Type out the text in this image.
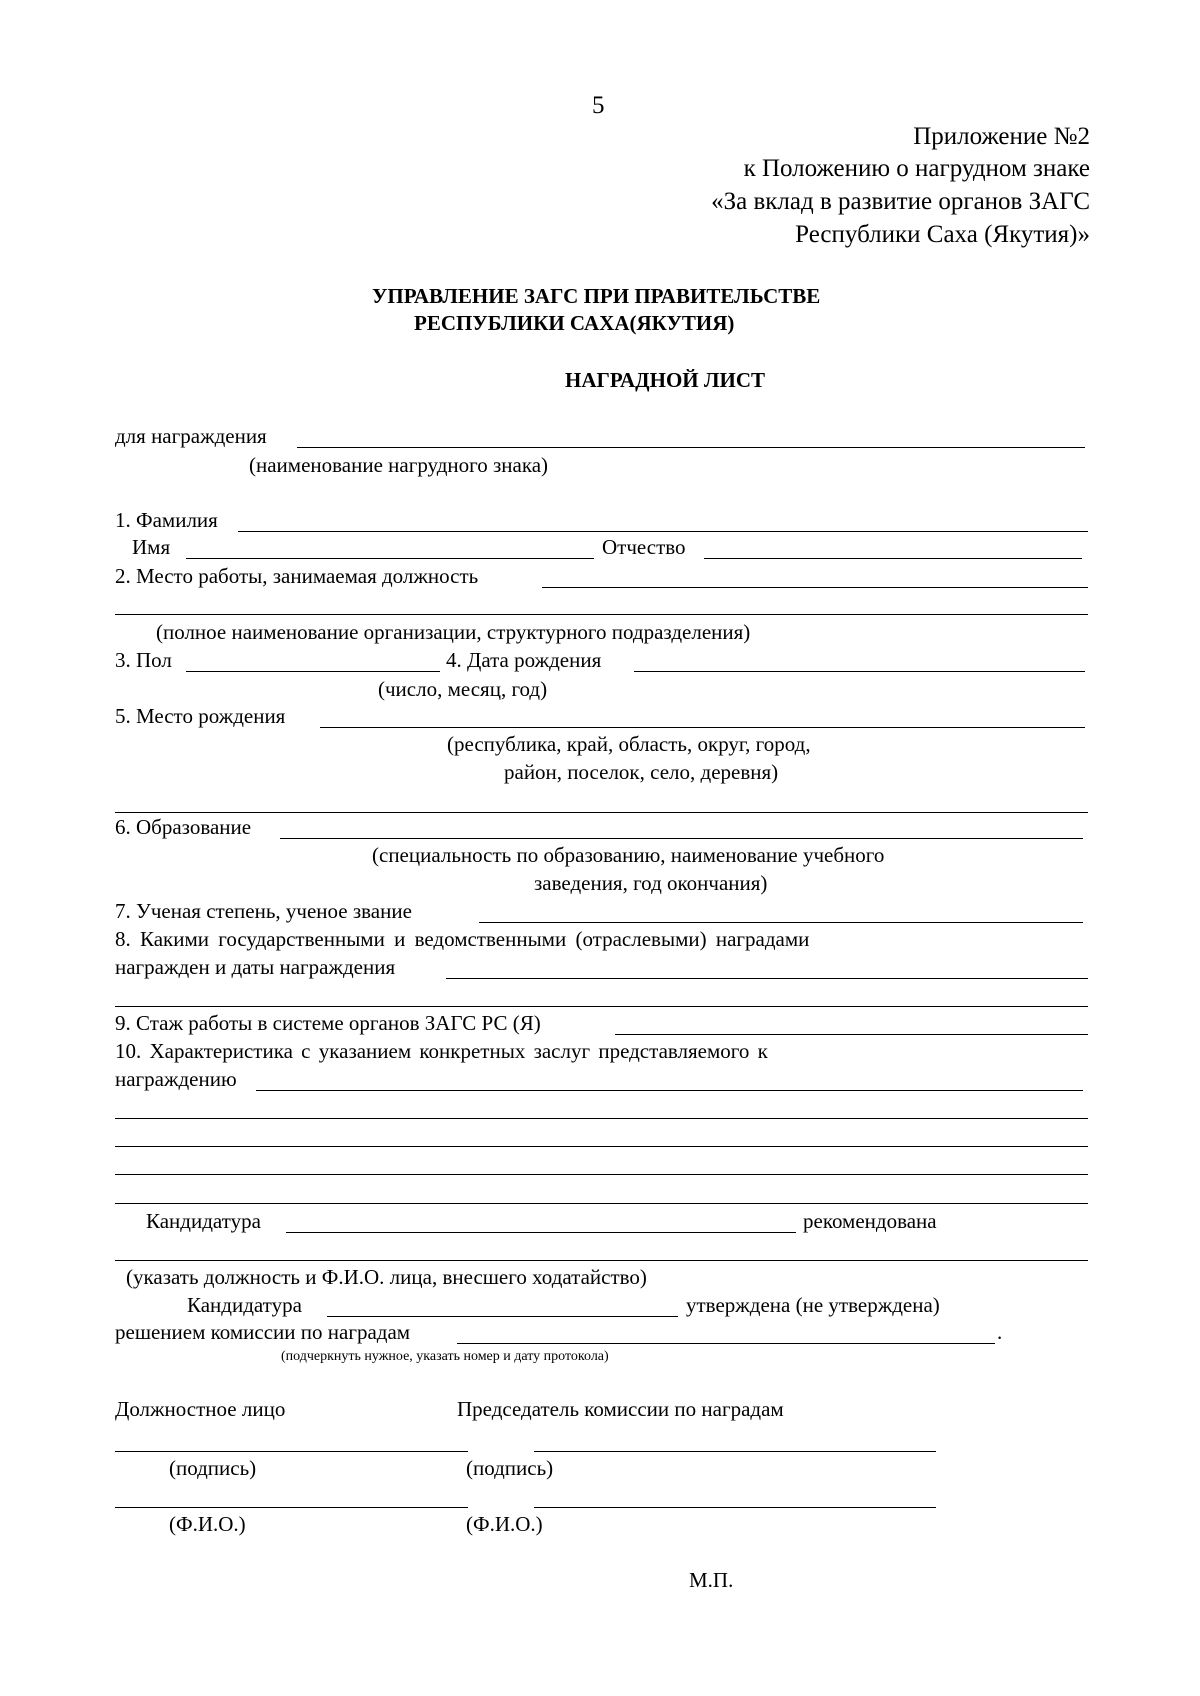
5
Приложение №2
к Положению о нагрудном знаке
«За вклад в развитие органов ЗАГС
Республики Саха (Якутия)»
УПРАВЛЕНИЕ ЗАГС ПРИ ПРАВИТЕЛЬСТВЕ
РЕСПУБЛИКИ САХА(ЯКУТИЯ)
НАГРАДНОЙ ЛИСТ
для награждения
(наименование нагрудного знака)
1. Фамилия
Имя	Отчество
2. Место работы, занимаемая должность
(полное наименование организации, структурного подразделения)
3. Пол	4. Дата рождения
(число, месяц, год)
5. Место рождения
(республика, край, область, округ, город,
район, поселок, село, деревня)
6. Образование
(специальность по образованию, наименование учебного
заведения, год окончания)
7. Ученая степень, ученое звание
8. Какими государственными и ведомственными (отраслевыми) наградами
награжден и даты награждения
9. Стаж работы в системе органов ЗАГС РС (Я)
10. Характеристика с указанием конкретных заслуг представляемого к
награждению
Кандидатура	рекомендована
(указать должность и Ф.И.О. лица, внесшего ходатайство)
Кандидатура	утверждена (не утверждена)
решением комиссии по наградам	.
(подчеркнуть нужное, указать номер и дату протокола)
Должностное лицо	Председатель комиссии по наградам
(подпись)	(подпись)
(Ф.И.О.)	(Ф.И.О.)
М.П.
